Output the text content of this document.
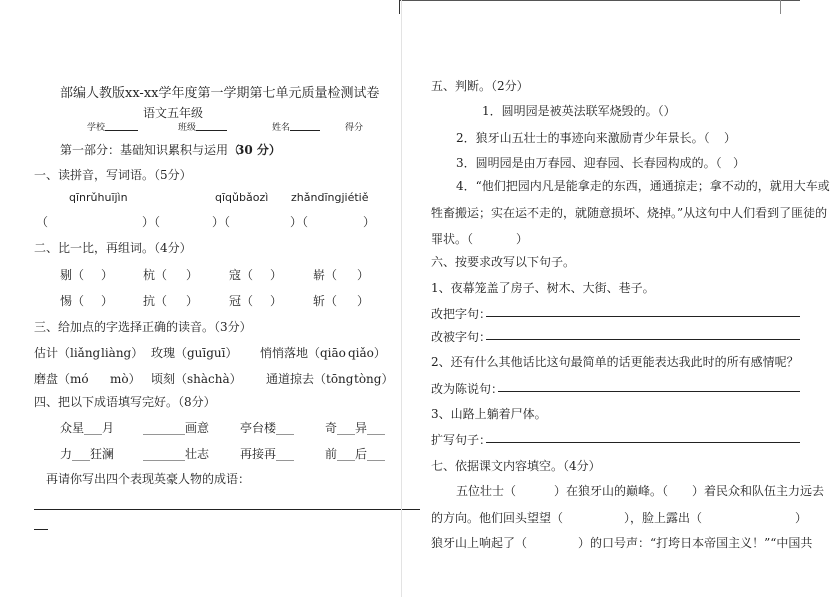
部编人教版xx-xx学年度第一学期第七单元质量检测试卷
语文五年级
学校	班级	姓名	得分
第一部分：基础知识累积与运用（
30 分）
一、读拼音，写词语。（5分）
qīnrǔhuījìn	qīqǔbǎozì zhǎndīngjiétiě
（	）（	）（	）（	）
二、比一比，再组词。（4分）
剔（ ） 杭（ ）	寇（ ）	崭（ ）
惕（ ） 抗（ ）	冠（ ）	斩（ ）
三、给加点的字选择正确的读音。（3分）
估计（liǎng liàng） 玫瑰（guīguī） 悄悄落地（qiāo qiǎo）
磨盘（mó mò） 顷刻（shàchà） 通道掠去（tōng tòng）
四、把以下成语填写完好。（8分）
众星___月 _______画意	亭台楼___	奇___异___
力___狂澜 _______壮志	再接再___	前___后___
再请你写出四个表现英豪人物的成语：
五、判断。（2分）
1．圆明园是被英法联军烧毁的。（）
2．狼牙山五壮士的事迹向来激励青少年景长。（ ）
3．圆明园是由万春园、迎春园、长春园构成的。（ ）
4．“他们把园内凡是能拿走的东西，通通掠走；拿不动的，就用大车或
牲畜搬运；实在运不走的，就随意损坏、烧掉。”从这句中人们看到了匪徒的
罪状。（	）
六、按要求改写以下句子。
1、夜幕笼盖了房子、树木、大街、巷子。
改把字句：
改被字句：
2、还有什么其他话比这句最简单的话更能表达我此时的所有感情呢？
改为陈说句：
3、山路上躺着尸体。
扩写句子：
七、依据课文内容填空。（4分）
五位壮士（	）在狼牙山的巅峰。（ ）着民众和队伍主力远去
的方向。他们回头望望（	），脸上露出（	）
狼牙山上响起了（	）的口号声：“打垮日本帝国主义！”“中国共
